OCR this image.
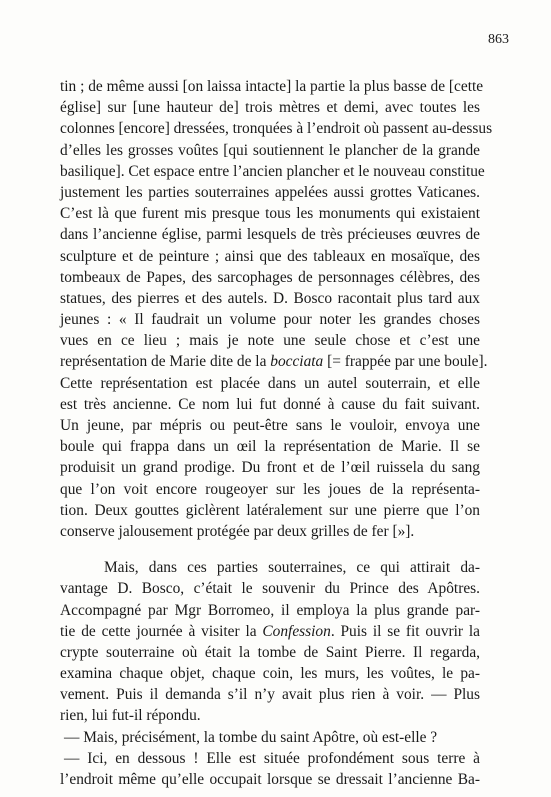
863
tin ; de même aussi [on laissa intacte] la partie la plus basse de [cette
église] sur [une hauteur de] trois mètres et demi, avec toutes les
colonnes [encore] dressées, tronquées à l’endroit où passent au-dessus
d’elles les grosses voûtes [qui soutiennent le plancher de la grande
basilique]. Cet espace entre l’ancien plancher et le nouveau constitue
justement les parties souterraines appelées aussi grottes Vaticanes.
C’est là que furent mis presque tous les monuments qui existaient
dans l’ancienne église, parmi lesquels de très précieuses œuvres de
sculpture et de peinture ; ainsi que des tableaux en mosaïque, des
tombeaux de Papes, des sarcophages de personnages célèbres, des
statues, des pierres et des autels. D. Bosco racontait plus tard aux
jeunes : « Il faudrait un volume pour noter les grandes choses
vues en ce lieu ; mais je note une seule chose et c’est une
représentation de Marie dite de la bocciata [= frappée par une boule].
Cette représentation est placée dans un autel souterrain, et elle
est très ancienne. Ce nom lui fut donné à cause du fait suivant.
Un jeune, par mépris ou peut-être sans le vouloir, envoya une
boule qui frappa dans un œil la représentation de Marie. Il se
produisit un grand prodige. Du front et de l’œil ruissela du sang
que l’on voit encore rougeoyer sur les joues de la représenta-
tion. Deux gouttes giclèrent latéralement sur une pierre que l’on
conserve jalousement protégée par deux grilles de fer [»].
Mais, dans ces parties souterraines, ce qui attirait da-
vantage D. Bosco, c’était le souvenir du Prince des Apôtres.
Accompagné par Mgr Borromeo, il employa la plus grande par-
tie de cette journée à visiter la Confession. Puis il se fit ouvrir la
crypte souterraine où était la tombe de Saint Pierre. Il regarda,
examina chaque objet, chaque coin, les murs, les voûtes, le pa-
vement. Puis il demanda s’il n’y avait plus rien à voir. — Plus
rien, lui fut-il répondu.
— Mais, précisément, la tombe du saint Apôtre, où est-elle ?
— Ici, en dessous ! Elle est située profondément sous terre à
l’endroit même qu’elle occupait lorsque se dressait l’ancienne Ba-
